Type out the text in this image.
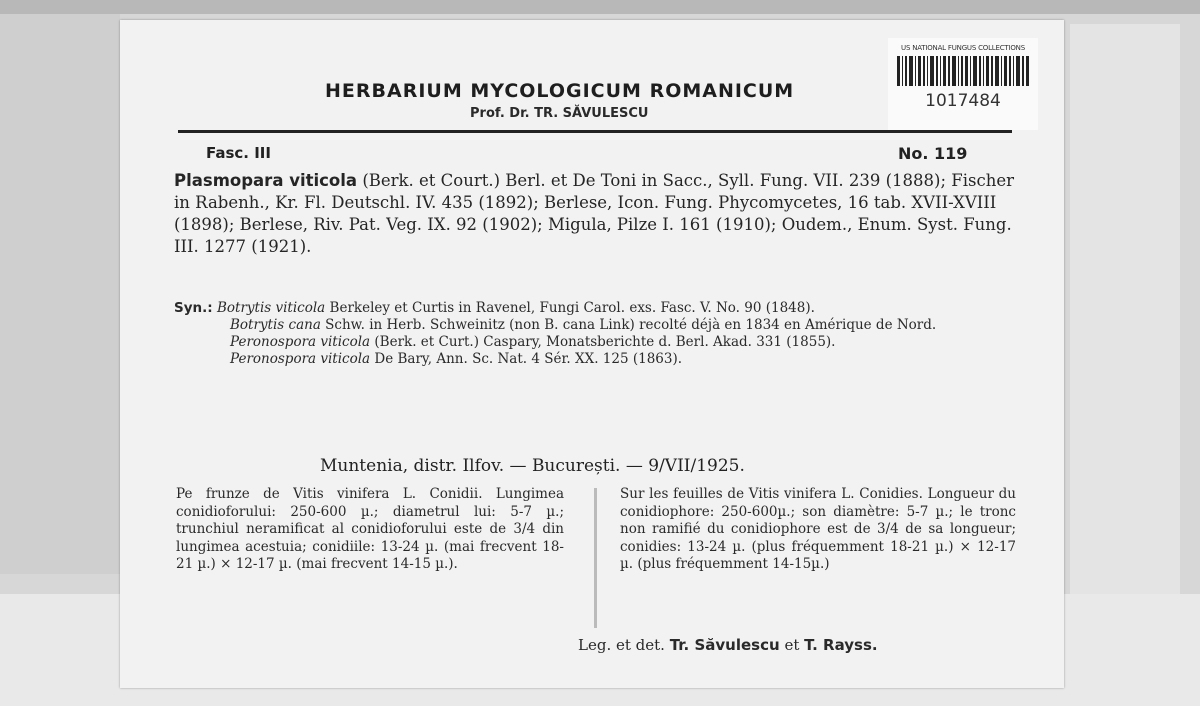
US NATIONAL FUNGUS COLLECTIONS
1017484
HERBARIUM MYCOLOGICUM ROMANICUM
Prof. Dr. TR. SĂVULESCU
Fasc. III	No. 119
Plasmopara viticola (Berk. et Court.) Berl. et De Toni in Sacc., Syll. Fung. VII. 239 (1888); Fischer in Rabenh., Kr. Fl. Deutschl. IV. 435 (1892); Berlese, Icon. Fung. Phycomycetes, 16 tab. XVII-XVIII (1898); Berlese, Riv. Pat. Veg. IX. 92 (1902); Migula, Pilze I. 161 (1910); Oudem., Enum. Syst. Fung. III. 1277 (1921).
Syn.: Botrytis viticola Berkeley et Curtis in Ravenel, Fungi Carol. exs. Fasc. V. No. 90 (1848).
Botrytis cana Schw. in Herb. Schweinitz (non B. cana Link) recolté déjà en 1834 en Amérique de Nord.
Peronospora viticola (Berk. et Curt.) Caspary, Monatsberichte d. Berl. Akad. 331 (1855).
Peronospora viticola De Bary, Ann. Sc. Nat. 4 Sér. XX. 125 (1863).
Muntenia, distr. Ilfov. — București. — 9/VII/1925.
Pe frunze de Vitis vinifera L. Conidii. Lungimea conidioforului: 250-600 µ.; diametrul lui: 5-7 µ.; trunchiul neramificat al conidioforului este de 3/4 din lungimea acestuia; conidiile: 13-24 µ. (mai frecvent 18-21 µ.) × 12-17 µ. (mai frecvent 14-15 µ.).
Sur les feuilles de Vitis vinifera L. Conidies. Longueur du conidiophore: 250-600µ.; son diamètre: 5-7 µ.; le tronc non ramifié du conidiophore est de 3/4 de sa longueur; conidies: 13-24 µ. (plus fréquemment 18-21 µ.) × 12-17 µ. (plus fréquemment 14-15µ.)
Leg. et det. Tr. Săvulescu et T. Rayss.
